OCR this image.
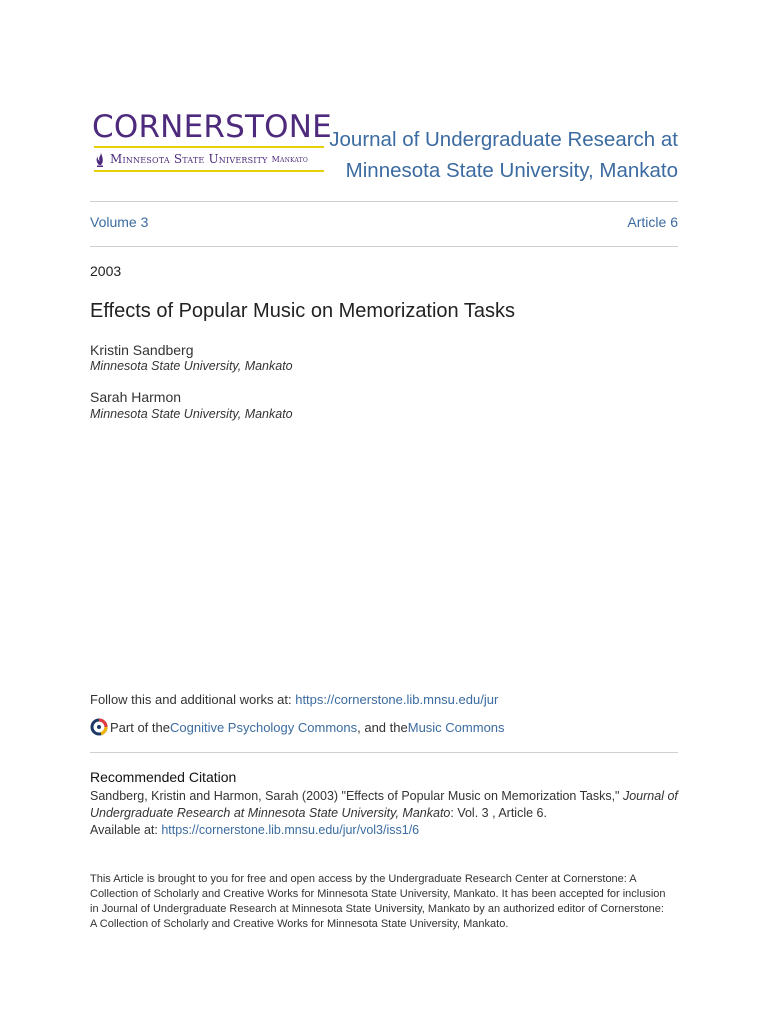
CORNERSTONE
Minnesota State University Mankato
Journal of Undergraduate Research at
Minnesota State University, Mankato
Volume 3	Article 6
2003
Effects of Popular Music on Memorization Tasks
Kristin Sandberg
Minnesota State University, Mankato
Sarah Harmon
Minnesota State University, Mankato
Follow this and additional works at: https://cornerstone.lib.mnsu.edu/jur
Part of the Cognitive Psychology Commons , and the Music Commons
Recommended Citation
Sandberg, Kristin and Harmon, Sarah (2003) "Effects of Popular Music on Memorization Tasks," Journal of Undergraduate Research at Minnesota State University, Mankato: Vol. 3 , Article 6.
Available at: https://cornerstone.lib.mnsu.edu/jur/vol3/iss1/6
This Article is brought to you for free and open access by the Undergraduate Research Center at Cornerstone: A Collection of Scholarly and Creative Works for Minnesota State University, Mankato. It has been accepted for inclusion in Journal of Undergraduate Research at Minnesota State University, Mankato by an authorized editor of Cornerstone: A Collection of Scholarly and Creative Works for Minnesota State University, Mankato.
